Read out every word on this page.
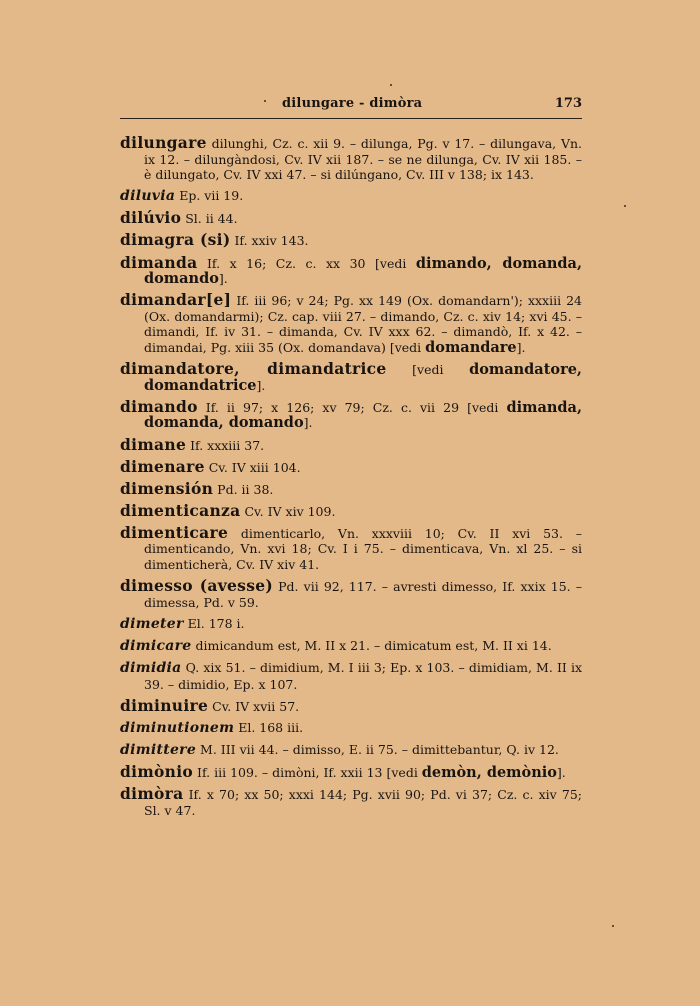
dilungare - dimòra	173
dilungare dilunghi, Cz. c. xii 9. – dilunga, Pg. v 17. – dilungava, Vn. ix 12. – dilungàndosi, Cv. IV xii 187. – se ne dilunga, Cv. IV xii 185. – è dilungato, Cv. IV xxi 47. – si dilúngano, Cv. III v 138; ix 143.
diluvia Ep. vii 19.
dilúvio Sl. ii 44.
dimagra (si) If. xxiv 143.
dimanda If. x 16; Cz. c. xx 30 [vedi dimando, domanda, domando].
dimandar[e] If. iii 96; v 24; Pg. xx 149 (Ox. domandarn'); xxxiii 24 (Ox. domandarmi); Cz. cap. viii 27. – dimando, Cz. c. xiv 14; xvi 45. – dimandi, If. iv 31. – dimanda, Cv. IV xxx 62. – dimandò, If. x 42. – dimandai, Pg. xiii 35 (Ox. domandava) [vedi domandare].
dimandatore, dimandatrice [vedi domandatore, domandatrice].
dimando If. ii 97; x 126; xv 79; Cz. c. vii 29 [vedi dimanda, domanda, domando].
dimane If. xxxiii 37.
dimenare Cv. IV xiii 104.
dimensión Pd. ii 38.
dimenticanza Cv. IV xiv 109.
dimenticare dimenticarlo, Vn. xxxviii 10; Cv. II xvi 53. – dimenticando, Vn. xvi 18; Cv. I i 75. – dimenticava, Vn. xl 25. – si dimenticherà, Cv. IV xiv 41.
dimesso (avesse) Pd. vii 92, 117. – avresti dimesso, If. xxix 15. – dimessa, Pd. v 59.
dimeter El. 178 i.
dimicare dimicandum est, M. II x 21. – dimicatum est, M. II xi 14.
dimidia Q. xix 51. – dimidium, M. I iii 3; Ep. x 103. – dimidiam, M. II ix 39. – dimidio, Ep. x 107.
diminuire Cv. IV xvii 57.
diminutionem El. 168 iii.
dimittere M. III vii 44. – dimisso, E. ii 75. – dimittebantur, Q. iv 12.
dimònio If. iii 109. – dimòni, If. xxii 13 [vedi demòn, demònio].
dimòra If. x 70; xx 50; xxxi 144; Pg. xvii 90; Pd. vi 37; Cz. c. xiv 75; Sl. v 47.
